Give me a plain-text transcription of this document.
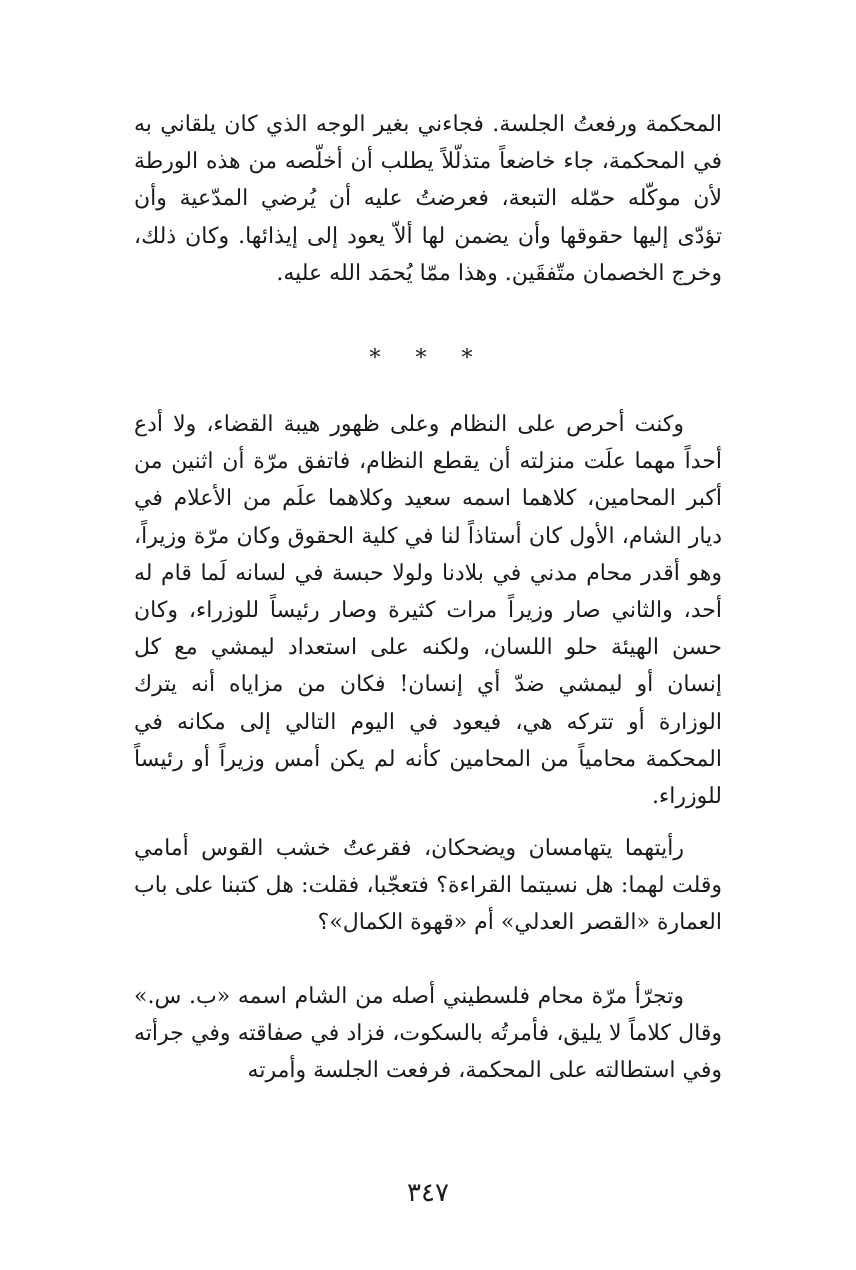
المحكمة ورفعتُ الجلسة. فجاءني بغير الوجه الذي كان يلقاني به في المحكمة، جاء خاضعاً متذلّلاً يطلب أن أخلّصه من هذه الورطة لأن موكّله حمّله التبعة، فعرضتُ عليه أن يُرضي المدّعية وأن تؤدّى إليها حقوقها وأن يضمن لها ألاّ يعود إلى إيذائها. وكان ذلك، وخرج الخصمان متّفقَين. وهذا ممّا يُحمَد الله عليه.

* * *

وكنت أحرص على النظام وعلى ظهور هيبة القضاء، ولا أدع أحداً مهما علَت منزلته أن يقطع النظام، فاتفق مرّة أن اثنين من أكبر المحامين، كلاهما اسمه سعيد وكلاهما علَم من الأعلام في ديار الشام، الأول كان أستاذاً لنا في كلية الحقوق وكان مرّة وزيراً، وهو أقدر محام مدني في بلادنا ولولا حبسة في لسانه لَما قام له أحد، والثاني صار وزيراً مرات كثيرة وصار رئيساً للوزراء، وكان حسن الهيئة حلو اللسان، ولكنه على استعداد ليمشي مع كل إنسان أو ليمشي ضدّ أي إنسان! فكان من مزاياه أنه يترك الوزارة أو تتركه هي، فيعود في اليوم التالي إلى مكانه في المحكمة محامياً من المحامين كأنه لم يكن أمس وزيراً أو رئيساً للوزراء.

رأيتهما يتهامسان ويضحكان، فقرعتُ خشب القوس أمامي وقلت لهما: هل نسيتما القراءة؟ فتعجّبا، فقلت: هل كتبنا على باب العمارة «القصر العدلي» أم «قهوة الكمال»؟

وتجرّأ مرّة محام فلسطيني أصله من الشام اسمه «ب. س.» وقال كلاماً لا يليق، فأمرتُه بالسكوت، فزاد في صفاقته وفي جرأته وفي استطالته على المحكمة، فرفعت الجلسة وأمرته

٣٤٧
